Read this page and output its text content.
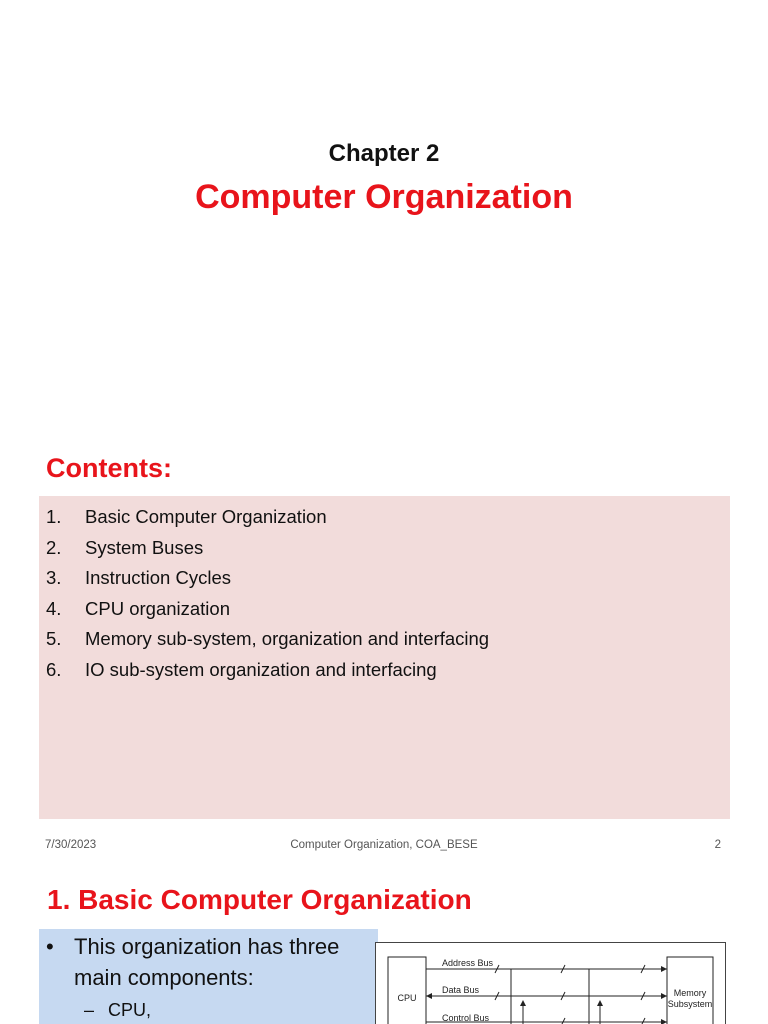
Chapter 2
Computer Organization
Contents:
1.	Basic Computer Organization
2.	System Buses
3.	Instruction Cycles
4.	CPU organization
5.	Memory sub-system, organization and interfacing
6.	IO sub-system organization and interfacing
7/30/2023	Computer Organization, COA_BESE	2
1. Basic Computer Organization
• This organization has three
main components:
– CPU,
CPU	Memory
Subsystem
Address Bus
Data Bus
Control Bus
